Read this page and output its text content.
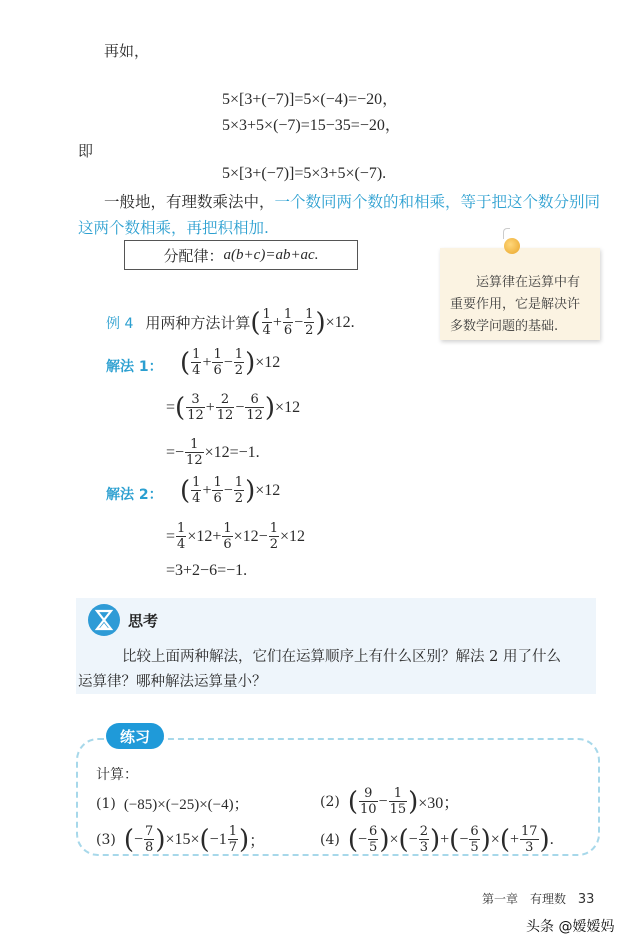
再如，
5×[3+(−7)]=5×(−4)=−20，
5×3+5×(−7)=15−35=−20，
即
5×[3+(−7)]=5×3+5×(−7).
一般地，有理数乘法中，一个数同两个数的和相乘，等于把这个数分别同
这两个数相乘，再把积相加.
分配律： a(b+c)=ab+ac.
运算律在运算中有
重要作用，它是解决许
多数学问题的基础.
例 4 用两种方法计算 ( $\frac{1}{4} + \frac{1}{6} - \frac{1}{2}$ ) ×12.
解法 1： ( $\frac{1}{4} + \frac{1}{6} - \frac{1}{2}$ ) ×12
= ( $\frac{3}{12} + \frac{2}{12} - \frac{6}{12}$ ) ×12
=− $\frac{1}{12} \times 12=-1$.
解法 2： ( $\frac{1}{4} + \frac{1}{6} - \frac{1}{2}$ ) ×12
= $\frac{1}{4} \times 12+ \frac{1}{6} \times 12- \frac{1}{2} \times 12$
=3+2−6=−1.
思考
比较上面两种解法，它们在运算顺序上有什么区别？解法 2 用了什么
运算律？哪种解法运算量小？
练习
计算：
(1) (−85)×(−25)×(−4)；	(2) ( $\frac{9}{10} - \frac{1}{15}$ ) ×30；
(3) ( − $\frac{7}{8}$ ) ×15× ( $-1 \frac{1}{7}$ ) ；	(4) ( − $\frac{6}{5}$ ) × ( − $\frac{2}{3}$ ) + ( − $\frac{6}{5}$ ) × ( + $\frac{17}{3}$ ) .
第一章　有理数 33
头条 @嫒嫒妈
